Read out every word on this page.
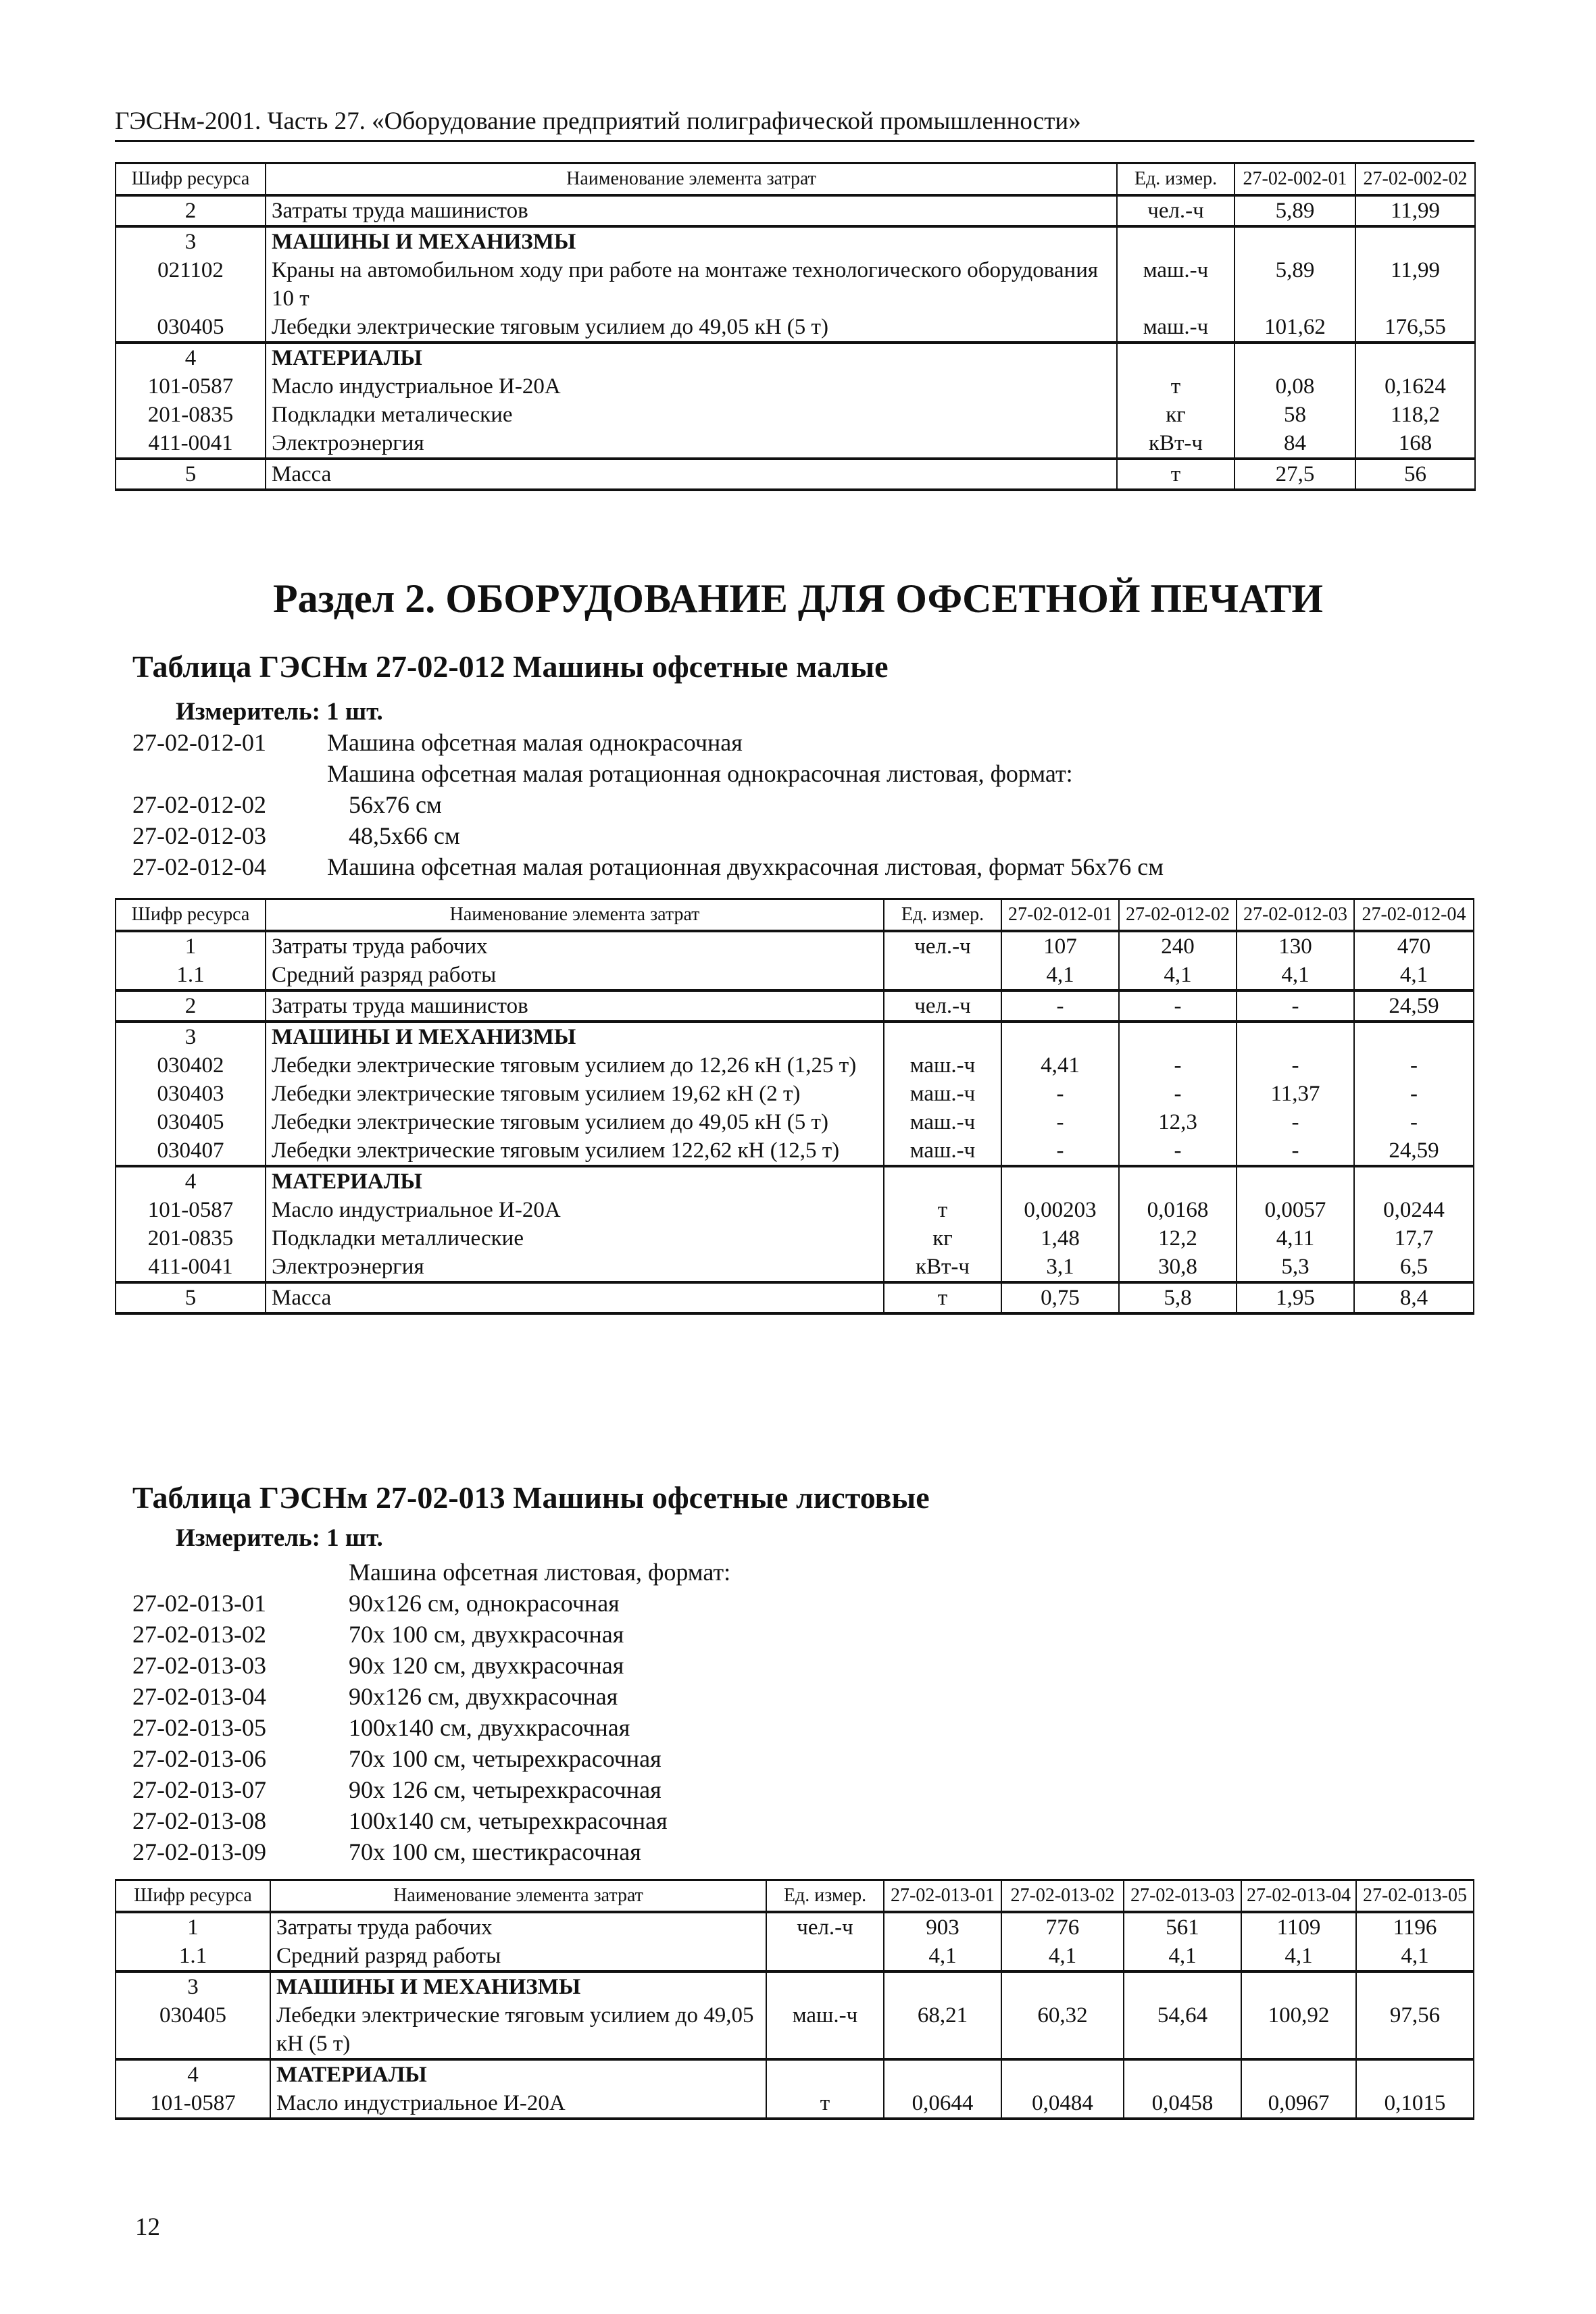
ГЭСНм-2001. Часть 27. «Оборудование предприятий полиграфической промышленности»
Шифр ресурса	Наименование элемента затрат	Ед. измер.	27-02-002-01	27-02-002-02
2	Затраты труда машинистов	чел.-ч	5,89	11,99
3	МАШИНЫ И МЕХАНИЗМЫ			
021102	Краны на автомобильном ходу при работе на монтаже технологического оборудования 10 т	маш.-ч	5,89	11,99
030405	Лебедки электрические тяговым усилием до 49,05 кН (5 т)	маш.-ч	101,62	176,55
4	МАТЕРИАЛЫ			
101-0587	Масло индустриальное И-20А	т	0,08	0,1624
201-0835	Подкладки металические	кг	58	118,2
411-0041	Электроэнергия	кВт-ч	84	168
5	Масса	т	27,5	56
Раздел 2. ОБОРУДОВАНИЕ ДЛЯ ОФСЕТНОЙ ПЕЧАТИ
Таблица ГЭСНм 27-02-012 Машины офсетные малые
Измеритель: 1 шт.
27-02-012-01	Машина офсетная малая однокрасочная
Машина офсетная малая ротационная однокрасочная листовая, формат:
27-02-012-02	56x76 см
27-02-012-03	48,5x66 см
27-02-012-04	Машина офсетная малая ротационная двухкрасочная листовая, формат 56x76 см
Шифр ресурса	Наименование элемента затрат	Ед. измер.	27-02-012-01	27-02-012-02	27-02-012-03	27-02-012-04
1	Затраты труда рабочих	чел.-ч	107	240	130	470
1.1	Средний разряд работы		4,1	4,1	4,1	4,1
2	Затраты труда машинистов	чел.-ч	-	-	-	24,59
3	МАШИНЫ И МЕХАНИЗМЫ					
030402	Лебедки электрические тяговым усилием до 12,26 кН (1,25 т)	маш.-ч	4,41	-	-	-
030403	Лебедки электрические тяговым усилием 19,62 кН (2 т)	маш.-ч	-	-	11,37	-
030405	Лебедки электрические тяговым усилием до 49,05 кН (5 т)	маш.-ч	-	12,3	-	-
030407	Лебедки электрические тяговым усилием 122,62 кН (12,5 т)	маш.-ч	-	-	-	24,59
4	МАТЕРИАЛЫ					
101-0587	Масло индустриальное И-20А	т	0,00203	0,0168	0,0057	0,0244
201-0835	Подкладки металлические	кг	1,48	12,2	4,11	17,7
411-0041	Электроэнергия	кВт-ч	3,1	30,8	5,3	6,5
5	Масса	т	0,75	5,8	1,95	8,4
Таблица ГЭСНм 27-02-013 Машины офсетные листовые
Измеритель: 1 шт.
Машина офсетная листовая, формат:
27-02-013-01	90x126 см, однокрасочная
27-02-013-02	70x 100 см, двухкрасочная
27-02-013-03	90x 120 см, двухкрасочная
27-02-013-04	90x126 см, двухкрасочная
27-02-013-05	100x140 см, двухкрасочная
27-02-013-06	70x 100 см, четырехкрасочная
27-02-013-07	90x 126 см, четырехкрасочная
27-02-013-08	100x140 см, четырехкрасочная
27-02-013-09	70x 100 см, шестикрасочная
Шифр ресурса	Наименование элемента затрат	Ед. измер.	27-02-013-01	27-02-013-02	27-02-013-03	27-02-013-04	27-02-013-05
1	Затраты труда рабочих	чел.-ч	903	776	561	1109	1196
1.1	Средний разряд работы		4,1	4,1	4,1	4,1	4,1
3	МАШИНЫ И МЕХАНИЗМЫ						
030405	Лебедки электрические тяговым усилием до 49,05 кН (5 т)	маш.-ч	68,21	60,32	54,64	100,92	97,56
4	МАТЕРИАЛЫ						
101-0587	Масло индустриальное И-20А	т	0,0644	0,0484	0,0458	0,0967	0,1015
12
